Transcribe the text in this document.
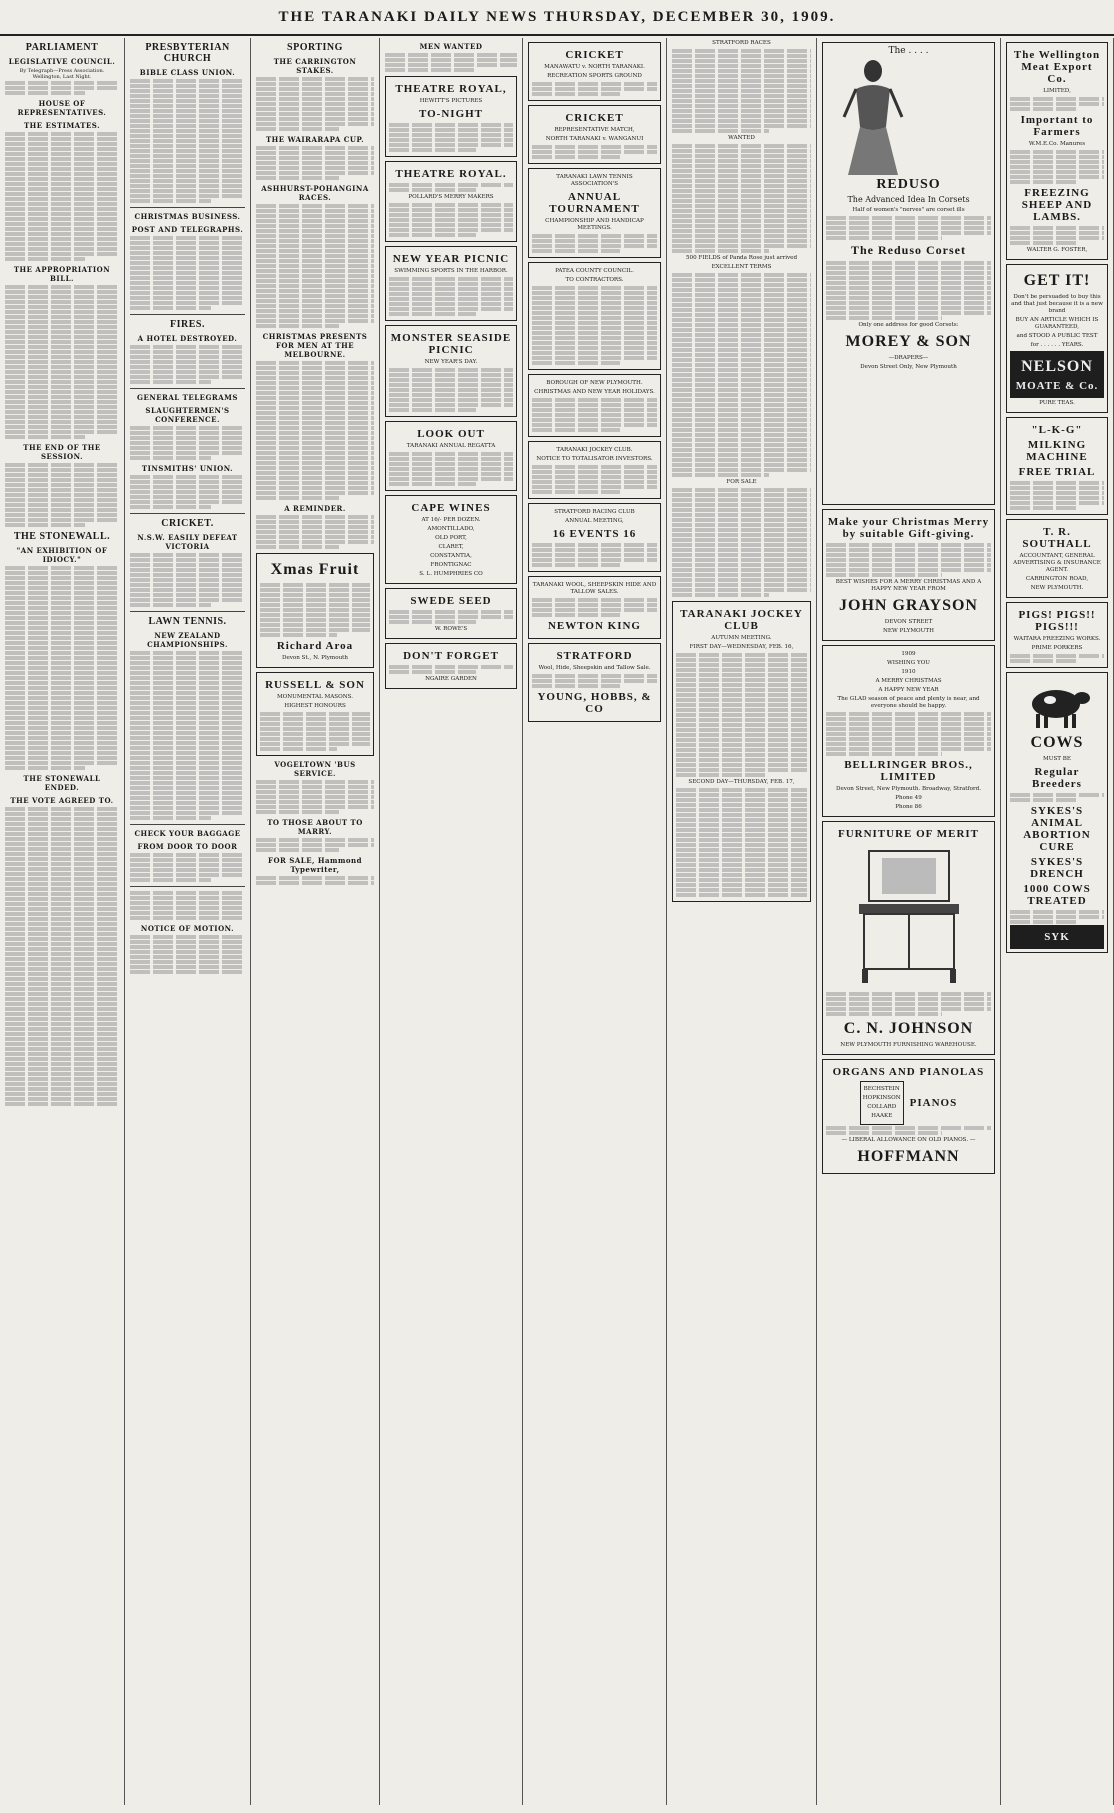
THE TARANAKI DAILY NEWS THURSDAY, DECEMBER 30, 1909.
PARLIAMENT
LEGISLATIVE COUNCIL.
By Telegraph—Press Association. Wellington, Last Night.
HOUSE OF REPRESENTATIVES.
THE ESTIMATES.
THE APPROPRIATION BILL.
THE END OF THE SESSION.
THE STONEWALL.
"AN EXHIBITION OF IDIOCY."
THE STONEWALL ENDED.
THE VOTE AGREED TO.
PRESBYTERIAN CHURCH
BIBLE CLASS UNION.
CHRISTMAS BUSINESS.
POST AND TELEGRAPHS.
FIRES.
A HOTEL DESTROYED.
GENERAL TELEGRAMS
SLAUGHTERMEN'S CONFERENCE.
TINSMITHS' UNION.
CRICKET.
N.S.W. EASILY DEFEAT VICTORIA
LAWN TENNIS.
NEW ZEALAND CHAMPIONSHIPS.
CHECK YOUR BAGGAGE
FROM DOOR TO DOOR
NOTICE OF MOTION.
SPORTING
THE CARRINGTON STAKES.
THE WAIRARAPA CUP.
ASHHURST-POHANGINA RACES.
CHRISTMAS PRESENTS FOR MEN AT THE MELBOURNE.
A REMINDER.
Xmas Fruit
Richard Aroa
Devon St., N. Plymouth
RUSSELL & SON
MONUMENTAL MASONS.
HIGHEST HONOURS
VOGELTOWN 'BUS SERVICE.
TO THOSE ABOUT TO MARRY.
FOR SALE, Hammond Typewriter,
MEN WANTED
THEATRE ROYAL,
HEWITT'S PICTURES
TO-NIGHT
THEATRE ROYAL.
POLLARD'S MERRY MAKERS
NEW YEAR PICNIC
SWIMMING SPORTS IN THE HARBOR.
MONSTER SEASIDE PICNIC
NEW YEAR'S DAY.
LOOK OUT
TARANAKI ANNUAL REGATTA
CAPE WINES
AT 16/- PER DOZEN.
AMONTILLADO,
OLD PORT,
CLARET,
CONSTANTIA,
FRONTIGNAC
S. L. HUMPHRIES CO
SWEDE SEED
W. ROWE'S
DON'T FORGET
NGAIRE GARDEN
CRICKET
MANAWATU v. NORTH TARANAKI.
RECREATION SPORTS GROUND
CRICKET
REPRESENTATIVE MATCH,
NORTH TARANAKI v. WANGANUI
TARANAKI LAWN TENNIS ASSOCIATION'S
ANNUAL TOURNAMENT
CHAMPIONSHIP AND HANDICAP MEETINGS.
PATEA COUNTY COUNCIL.
TO CONTRACTORS.
BOROUGH OF NEW PLYMOUTH.
CHRISTMAS AND NEW YEAR HOLIDAYS.
TARANAKI JOCKEY CLUB.
NOTICE TO TOTALISATOR INVESTORS.
STRATFORD RACING CLUB
ANNUAL MEETING,
16 EVENTS 16
TARANAKI WOOL, SHEEPSKIN HIDE AND TALLOW SALES.
NEWTON KING
STRATFORD
Wool, Hide, Sheepskin and Tallow Sale.
YOUNG, HOBBS, & CO
STRATFORD RACES
WANTED
500 FIELDS of Panda Rose just arrived
EXCELLENT TERMS
FOR SALE
TARANAKI JOCKEY CLUB
AUTUMN MEETING.
FIRST DAY—WEDNESDAY, FEB. 16,
SECOND DAY—THURSDAY, FEB. 17,
The . . . .
REDUSO
The Advanced Idea In Corsets
Half of women's "nerves" are corset ills
The Reduso Corset
Only one address for good Corsets:
MOREY & SON
—DRAPERS—
Devon Street Only, New Plymouth
Make your Christmas Merry by suitable Gift-giving.
BEST WISHES FOR A MERRY CHRISTMAS AND A HAPPY NEW YEAR FROM
JOHN GRAYSON
DEVON STREET
NEW PLYMOUTH
1909
WISHING YOU
1910
A MERRY CHRISTMAS
A HAPPY NEW YEAR
The GLAD season of peace and plenty is near, and everyone should be happy.
BELLRINGER BROS., LIMITED
Devon Street, New Plymouth. Broadway, Stratford.
Phone 49
Phone 86
FURNITURE OF MERIT
C. N. JOHNSON
NEW PLYMOUTH FURNISHING WAREHOUSE.
ORGANS AND PIANOLAS
BECHSTEIN
HOPKINSON
COLLARD
HAAKE
PIANOS
— LIBERAL ALLOWANCE ON OLD PIANOS. —
HOFFMANN
The Wellington Meat Export Co.
LIMITED,
Important to Farmers
W.M.E.Co. Manures
FREEZING SHEEP AND LAMBS.
WALTER G. FOSTER,
GET IT!
Don't be persuaded to buy this and that just because it is a new brand
BUY AN ARTICLE WHICH IS GUARANTEED,
and STOOD A PUBLIC TEST
for . . . . . . YEARS.
NELSON
MOATE & Co.
PURE TEAS.
"L-K-G"
MILKING MACHINE
FREE TRIAL
T. R. SOUTHALL
ACCOUNTANT, GENERAL ADVERTISING & INSURANCE AGENT.
CARRINGTON ROAD,
NEW PLYMOUTH.
PIGS! PIGS!! PIGS!!!
WAITARA FREEZING WORKS.
PRIME PORKERS
COWS
MUST BE
Regular Breeders
SYKES'S ANIMAL ABORTION CURE
SYKES'S DRENCH
1000 COWS TREATED
SYK
